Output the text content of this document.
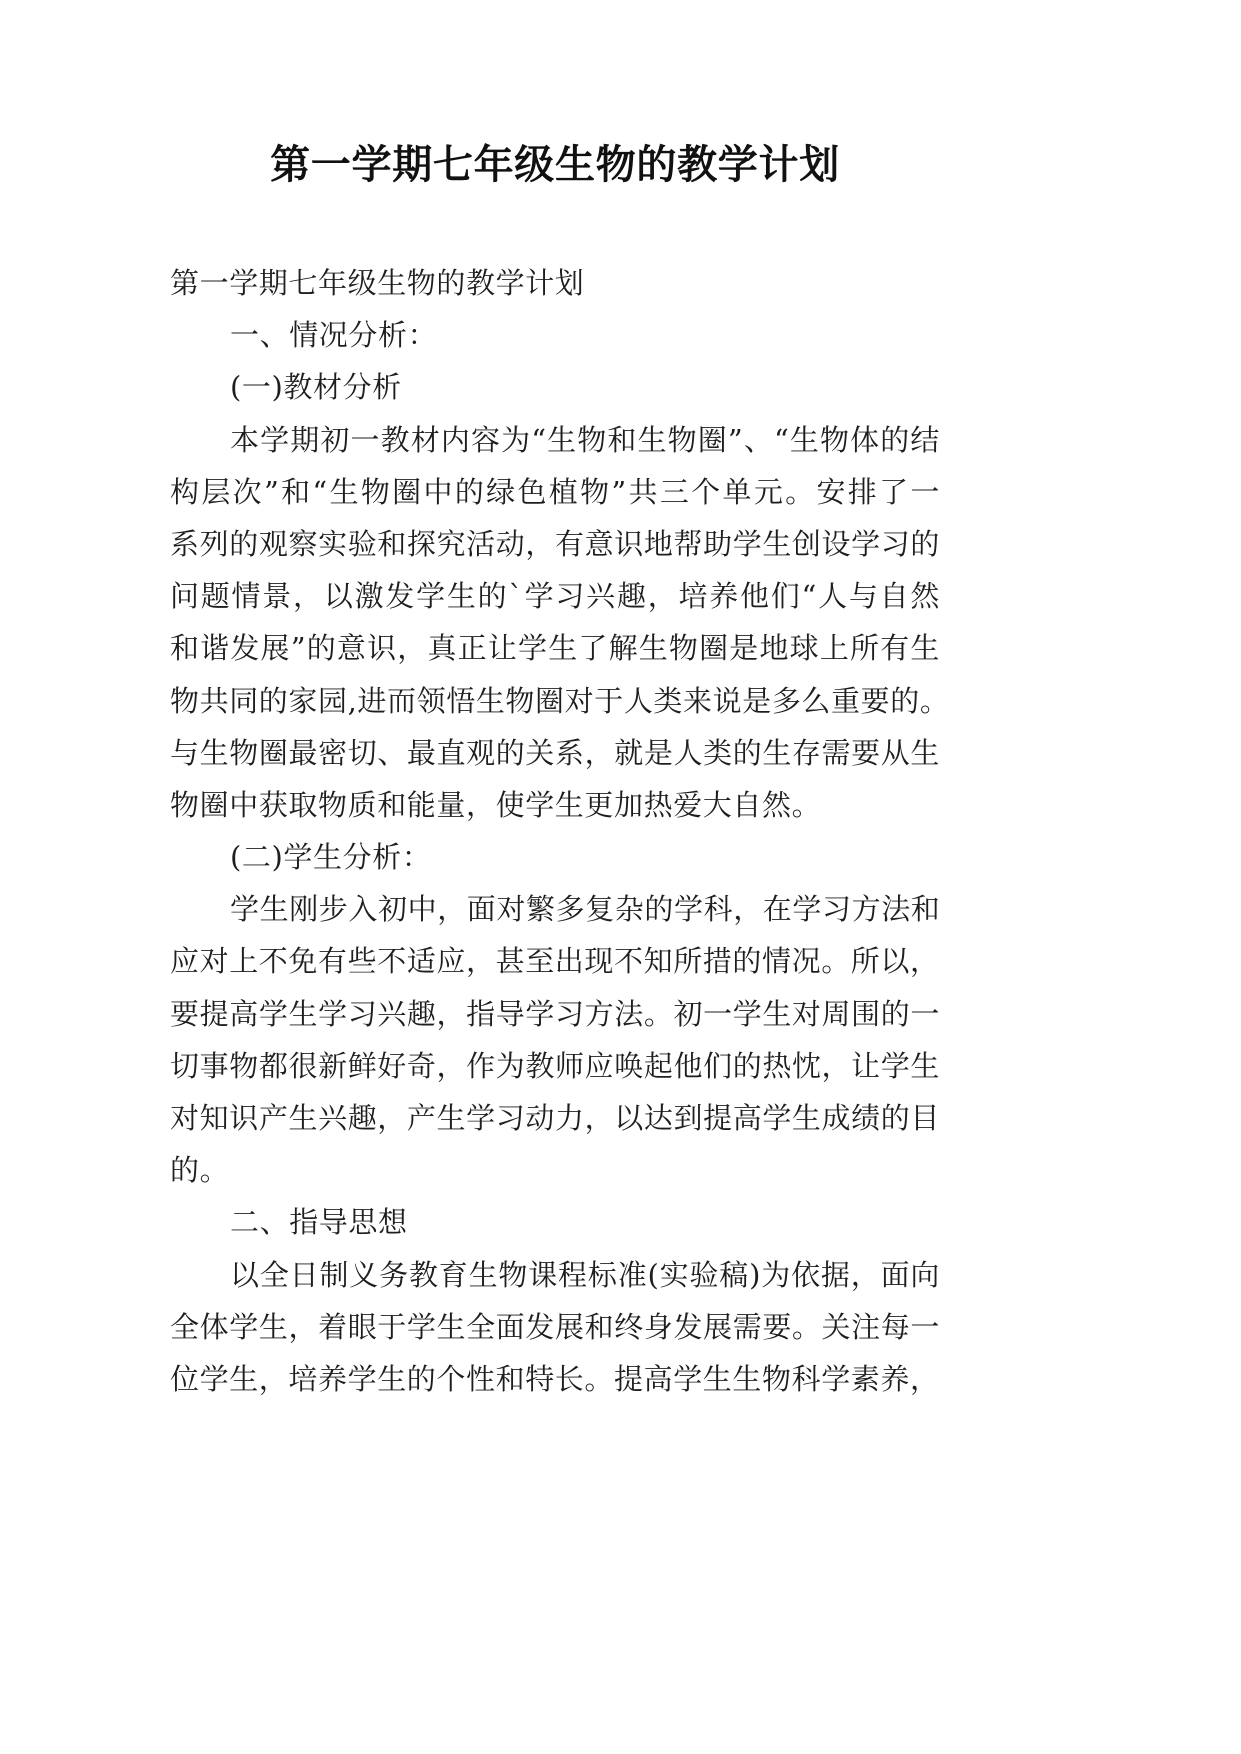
第一学期七年级生物的教学计划
第一学期七年级生物的教学计划
一、情况分析：
(一)教材分析
本学期初一教材内容为“生物和生物圈”、“生物体的结
构层次”和“生物圈中的绿色植物”共三个单元。安排了一
系列的观察实验和探究活动，有意识地帮助学生创设学习的
问题情景，以激发学生的`学习兴趣，培养他们“人与自然
和谐发展”的意识，真正让学生了解生物圈是地球上所有生
物共同的家园,进而领悟生物圈对于人类来说是多么重要的。
与生物圈最密切、最直观的关系，就是人类的生存需要从生
物圈中获取物质和能量，使学生更加热爱大自然。
(二)学生分析：
学生刚步入初中，面对繁多复杂的学科，在学习方法和
应对上不免有些不适应，甚至出现不知所措的情况。所以，
要提高学生学习兴趣，指导学习方法。初一学生对周围的一
切事物都很新鲜好奇，作为教师应唤起他们的热忱，让学生
对知识产生兴趣，产生学习动力，以达到提高学生成绩的目
的。
二、指导思想
以全日制义务教育生物课程标准(实验稿)为依据，面向
全体学生，着眼于学生全面发展和终身发展需要。关注每一
位学生，培养学生的个性和特长。提高学生生物科学素养，
